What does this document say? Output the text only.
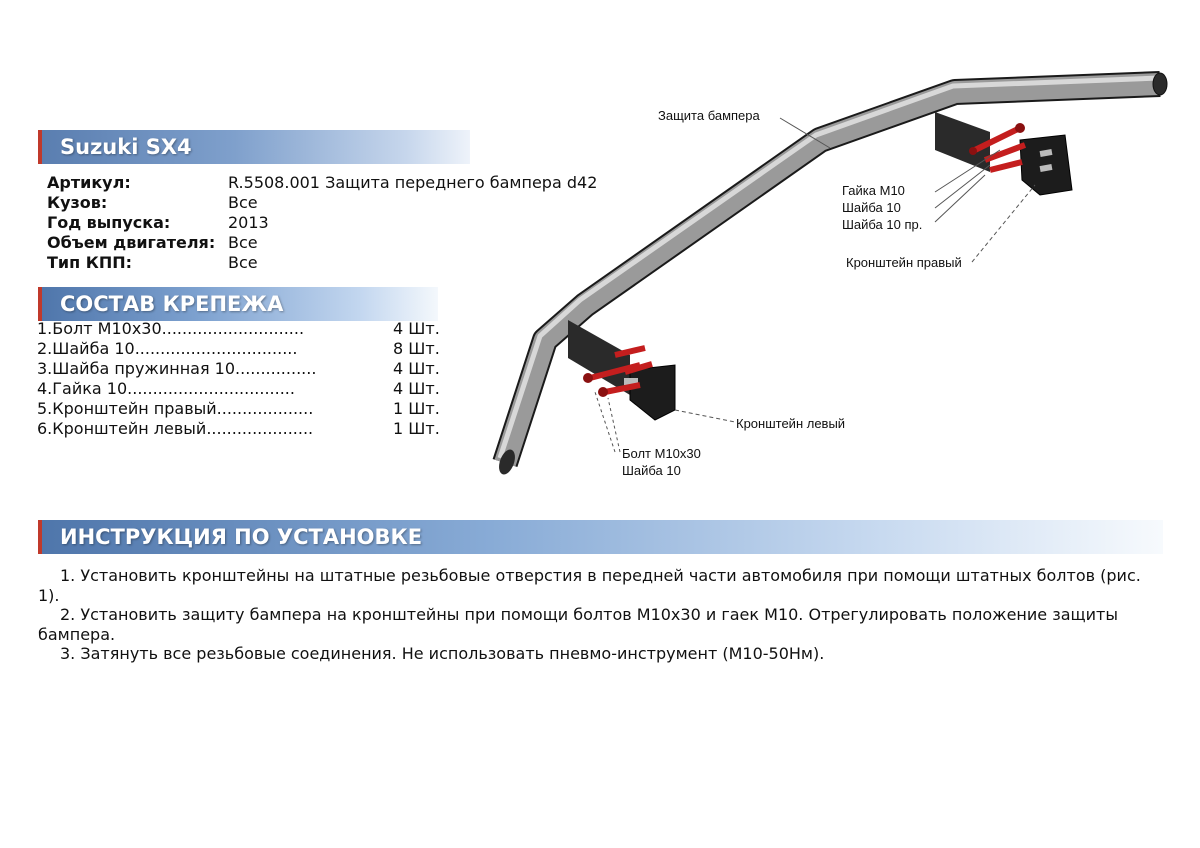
Suzuki SX4
Артикул:	R.5508.001 Защита переднего бампера d42
Кузов:	Все
Год выпуска:	2013
Объем двигателя: Все
Тип КПП:	Все
СОСТАВ КРЕПЕЖА
1.Болт М10х30............................	4 Шт.
2.Шайба 10................................	8 Шт.
3.Шайба пружинная 10................	4 Шт.
4.Гайка 10.................................	4 Шт.
5.Кронштейн правый...................	1 Шт.
6.Кронштейн левый.....................	1 Шт.
Защита бампера
Гайка М10
Шайба 10
Шайба 10 пр.
Кронштейн правый
Кронштейн левый
Болт М10х30
Шайба 10
ИНСТРУКЦИЯ ПО УСТАНОВКЕ

1. Установить кронштейны на штатные резьбовые отверстия в передней части автомобиля при помощи штатных болтов (рис. 1).

2. Установить защиту бампера на кронштейны при помощи болтов М10х30 и гаек М10. Отрегулировать положение защиты бампера.

3. Затянуть все резьбовые соединения. Не использовать пневмо-инструмент (М10-50Нм).
